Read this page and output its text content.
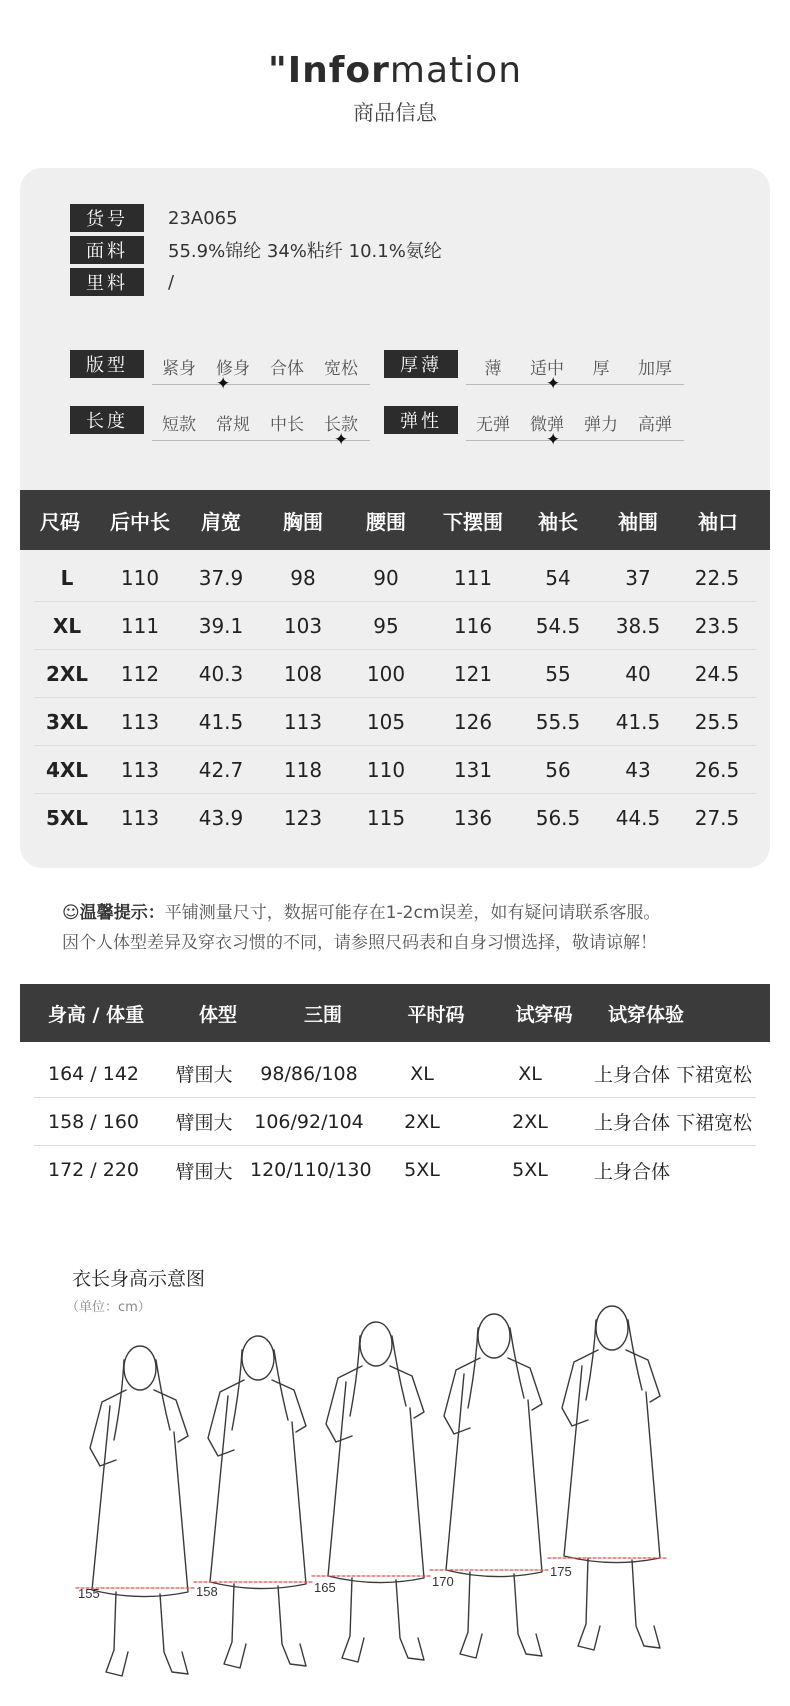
"Information
商品信息
货号	23A065
面料	55.9%锦纶 34%粘纤 10.1%氨纶
里料	/
版型	紧身	修身	合体	宽松
✦
厚薄	薄	适中	厚	加厚
✦
长度	短款	常规	中长	长款
✦
弹性	无弹	微弹	弹力	高弹
✦
尺码	后中长	肩宽	胸围	腰围	下摆围	袖长	袖围	袖口
L	110	37.9	98	90	111	54	37	22.5
XL	111	39.1	103	95	116	54.5	38.5	23.5
2XL	112	40.3	108	100	121	55	40	24.5
3XL	113	41.5	113	105	126	55.5	41.5	25.5
4XL	113	42.7	118	110	131	56	43	26.5
5XL	113	43.9	123	115	136	56.5	44.5	27.5
☺温馨提示：平铺测量尺寸，数据可能存在1-2cm误差，如有疑问请联系客服。
因个人体型差异及穿衣习惯的不同，请参照尺码表和自身习惯选择，敬请谅解！
身高 / 体重	体型	三围	平时码	试穿码	试穿体验
164 / 142	臂围大	98/86/108	XL	XL	上身合体 下裙宽松
158 / 160	臂围大	106/92/104	2XL	2XL	上身合体 下裙宽松
172 / 220	臂围大 120/110/130	5XL	5XL	上身合体
衣长身高示意图
（单位：cm）
155	158	165	170
175
